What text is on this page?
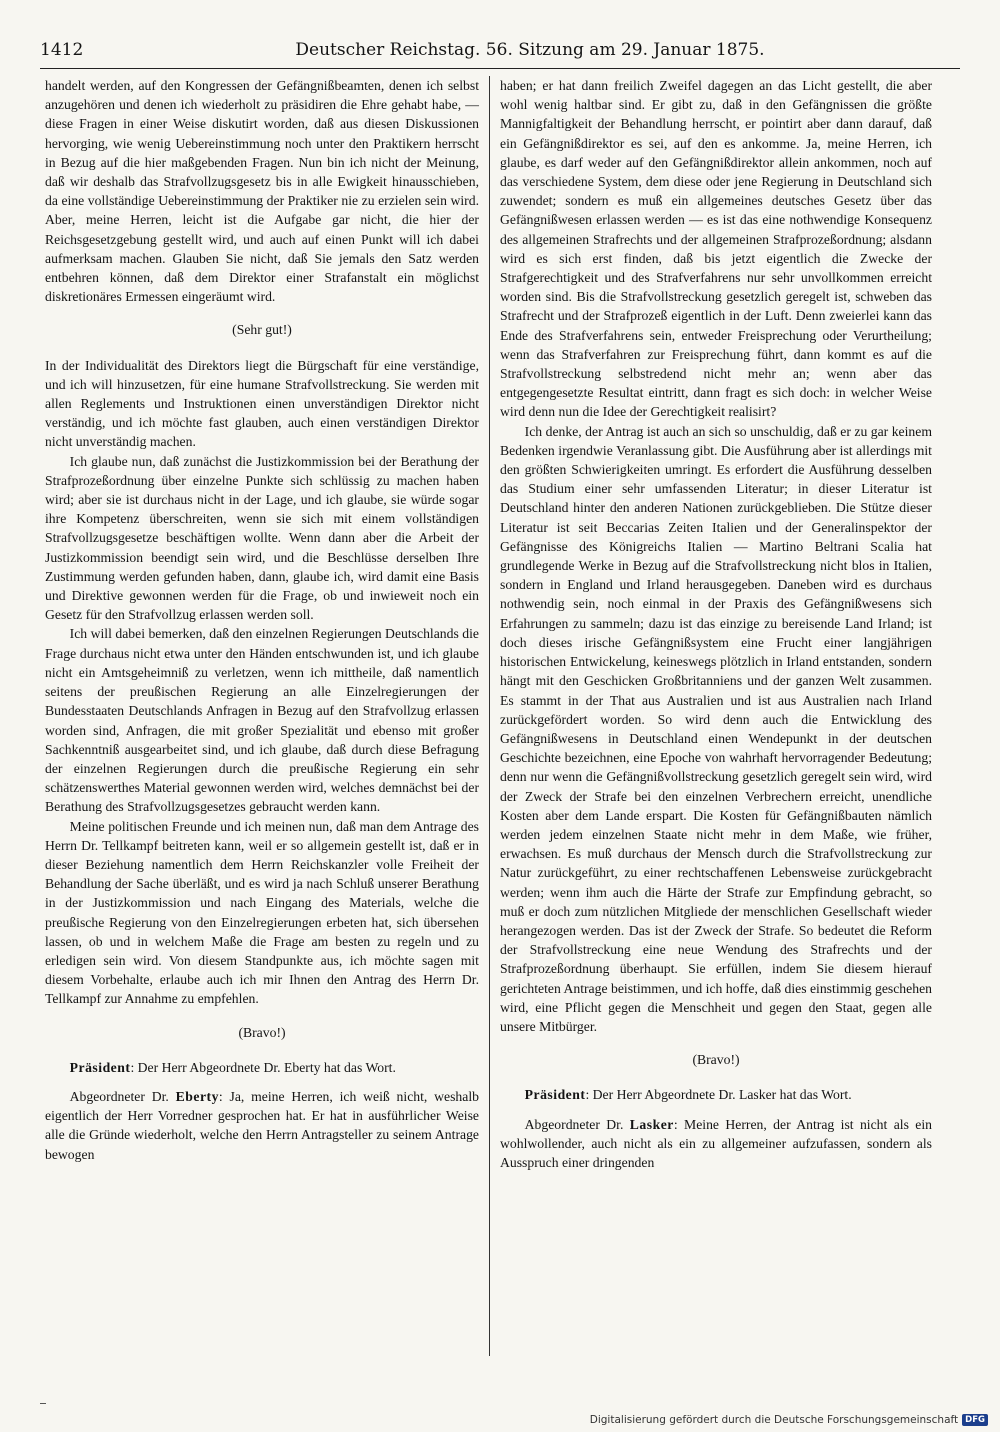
1412	Deutscher Reichstag. 56. Sitzung am 29. Januar 1875.

handelt werden, auf den Kongressen der Gefängnißbeamten, denen ich selbst anzugehören und denen ich wiederholt zu präsidiren die Ehre gehabt habe, — diese Fragen in einer Weise diskutirt worden, daß aus diesen Diskussionen hervorging, wie wenig Uebereinstimmung noch unter den Praktikern herrscht in Bezug auf die hier maßgebenden Fragen. Nun bin ich nicht der Meinung, daß wir deshalb das Strafvollzugsgesetz bis in alle Ewigkeit hinausschieben, da eine vollständige Uebereinstimmung der Praktiker nie zu erzielen sein wird. Aber, meine Herren, leicht ist die Aufgabe gar nicht, die hier der Reichsgesetzgebung gestellt wird, und auch auf einen Punkt will ich dabei aufmerksam machen. Glauben Sie nicht, daß Sie jemals den Satz werden entbehren können, daß dem Direktor einer Strafanstalt ein möglichst diskretionäres Ermessen eingeräumt wird.

(Sehr gut!)

In der Individualität des Direktors liegt die Bürgschaft für eine verständige, und ich will hinzusetzen, für eine humane Strafvollstreckung. Sie werden mit allen Reglements und Instruktionen einen unverständigen Direktor nicht verständig, und ich möchte fast glauben, auch einen verständigen Direktor nicht unverständig machen.

Ich glaube nun, daß zunächst die Justizkommission bei der Berathung der Strafprozeßordnung über einzelne Punkte sich schlüssig zu machen haben wird; aber sie ist durchaus nicht in der Lage, und ich glaube, sie würde sogar ihre Kompetenz überschreiten, wenn sie sich mit einem vollständigen Strafvollzugsgesetze beschäftigen wollte. Wenn dann aber die Arbeit der Justizkommission beendigt sein wird, und die Beschlüsse derselben Ihre Zustimmung werden gefunden haben, dann, glaube ich, wird damit eine Basis und Direktive gewonnen werden für die Frage, ob und inwieweit noch ein Gesetz für den Strafvollzug erlassen werden soll.

Ich will dabei bemerken, daß den einzelnen Regierungen Deutschlands die Frage durchaus nicht etwa unter den Händen entschwunden ist, und ich glaube nicht ein Amtsgeheimniß zu verletzen, wenn ich mittheile, daß namentlich seitens der preußischen Regierung an alle Einzelregierungen der Bundesstaaten Deutschlands Anfragen in Bezug auf den Strafvollzug erlassen worden sind, Anfragen, die mit großer Spezialität und ebenso mit großer Sachkenntniß ausgearbeitet sind, und ich glaube, daß durch diese Befragung der einzelnen Regierungen durch die preußische Regierung ein sehr schätzenswerthes Material gewonnen werden wird, welches demnächst bei der Berathung des Strafvollzugsgesetzes gebraucht werden kann.

Meine politischen Freunde und ich meinen nun, daß man dem Antrage des Herrn Dr. Tellkampf beitreten kann, weil er so allgemein gestellt ist, daß er in dieser Beziehung namentlich dem Herrn Reichskanzler volle Freiheit der Behandlung der Sache überläßt, und es wird ja nach Schluß unserer Berathung in der Justizkommission und nach Eingang des Materials, welche die preußische Regierung von den Einzelregierungen erbeten hat, sich übersehen lassen, ob und in welchem Maße die Frage am besten zu regeln und zu erledigen sein wird. Von diesem Standpunkte aus, ich möchte sagen mit diesem Vorbehalte, erlaube auch ich mir Ihnen den Antrag des Herrn Dr. Tellkampf zur Annahme zu empfehlen.

(Bravo!)

Präsident: Der Herr Abgeordnete Dr. Eberty hat das Wort.

Abgeordneter Dr. Eberty: Ja, meine Herren, ich weiß nicht, weshalb eigentlich der Herr Vorredner gesprochen hat. Er hat in ausführlicher Weise alle die Gründe wiederholt, welche den Herrn Antragsteller zu seinem Antrage bewogen

haben; er hat dann freilich Zweifel dagegen an das Licht gestellt, die aber wohl wenig haltbar sind. Er gibt zu, daß in den Gefängnissen die größte Mannigfaltigkeit der Behandlung herrscht, er pointirt aber dann darauf, daß ein Gefängnißdirektor es sei, auf den es ankomme. Ja, meine Herren, ich glaube, es darf weder auf den Gefängnißdirektor allein ankommen, noch auf das verschiedene System, dem diese oder jene Regierung in Deutschland sich zuwendet; sondern es muß ein allgemeines deutsches Gesetz über das Gefängnißwesen erlassen werden — es ist das eine nothwendige Konsequenz des allgemeinen Strafrechts und der allgemeinen Strafprozeßordnung; alsdann wird es sich erst finden, daß bis jetzt eigentlich die Zwecke der Strafgerechtigkeit und des Strafverfahrens nur sehr unvollkommen erreicht worden sind. Bis die Strafvollstreckung gesetzlich geregelt ist, schweben das Strafrecht und der Strafprozeß eigentlich in der Luft. Denn zweierlei kann das Ende des Strafverfahrens sein, entweder Freisprechung oder Verurtheilung; wenn das Strafverfahren zur Freisprechung führt, dann kommt es auf die Strafvollstreckung selbstredend nicht mehr an; wenn aber das entgegengesetzte Resultat eintritt, dann fragt es sich doch: in welcher Weise wird denn nun die Idee der Gerechtigkeit realisirt?

Ich denke, der Antrag ist auch an sich so unschuldig, daß er zu gar keinem Bedenken irgendwie Veranlassung gibt. Die Ausführung aber ist allerdings mit den größten Schwierigkeiten umringt. Es erfordert die Ausführung desselben das Studium einer sehr umfassenden Literatur; in dieser Literatur ist Deutschland hinter den anderen Nationen zurückgeblieben. Die Stütze dieser Literatur ist seit Beccarias Zeiten Italien und der Generalinspektor der Gefängnisse des Königreichs Italien — Martino Beltrani Scalia hat grundlegende Werke in Bezug auf die Strafvollstreckung nicht blos in Italien, sondern in England und Irland herausgegeben. Daneben wird es durchaus nothwendig sein, noch einmal in der Praxis des Gefängnißwesens sich Erfahrungen zu sammeln; dazu ist das einzige zu bereisende Land Irland; ist doch dieses irische Gefängnißsystem eine Frucht einer langjährigen historischen Entwickelung, keineswegs plötzlich in Irland entstanden, sondern hängt mit den Geschicken Großbritanniens und der ganzen Welt zusammen. Es stammt in der That aus Australien und ist aus Australien nach Irland zurückgefördert worden. So wird denn auch die Entwicklung des Gefängnißwesens in Deutschland einen Wendepunkt in der deutschen Geschichte bezeichnen, eine Epoche von wahrhaft hervorragender Bedeutung; denn nur wenn die Gefängnißvollstreckung gesetzlich geregelt sein wird, wird der Zweck der Strafe bei den einzelnen Verbrechern erreicht, unendliche Kosten aber dem Lande erspart. Die Kosten für Gefängnißbauten nämlich werden jedem einzelnen Staate nicht mehr in dem Maße, wie früher, erwachsen. Es muß durchaus der Mensch durch die Strafvollstreckung zur Natur zurückgeführt, zu einer rechtschaffenen Lebensweise zurückgebracht werden; wenn ihm auch die Härte der Strafe zur Empfindung gebracht, so muß er doch zum nützlichen Mitgliede der menschlichen Gesellschaft wieder herangezogen werden. Das ist der Zweck der Strafe. So bedeutet die Reform der Strafvollstreckung eine neue Wendung des Strafrechts und der Strafprozeßordnung überhaupt. Sie erfüllen, indem Sie diesem hierauf gerichteten Antrage beistimmen, und ich hoffe, daß dies einstimmig geschehen wird, eine Pflicht gegen die Menschheit und gegen den Staat, gegen alle unsere Mitbürger.

(Bravo!)

Präsident: Der Herr Abgeordnete Dr. Lasker hat das Wort.

Abgeordneter Dr. Lasker: Meine Herren, der Antrag ist nicht als ein wohlwollender, auch nicht als ein zu allgemeiner aufzufassen, sondern als Ausspruch einer dringenden

Digitalisierung gefördert durch die Deutsche Forschungsgemeinschaft DFG
